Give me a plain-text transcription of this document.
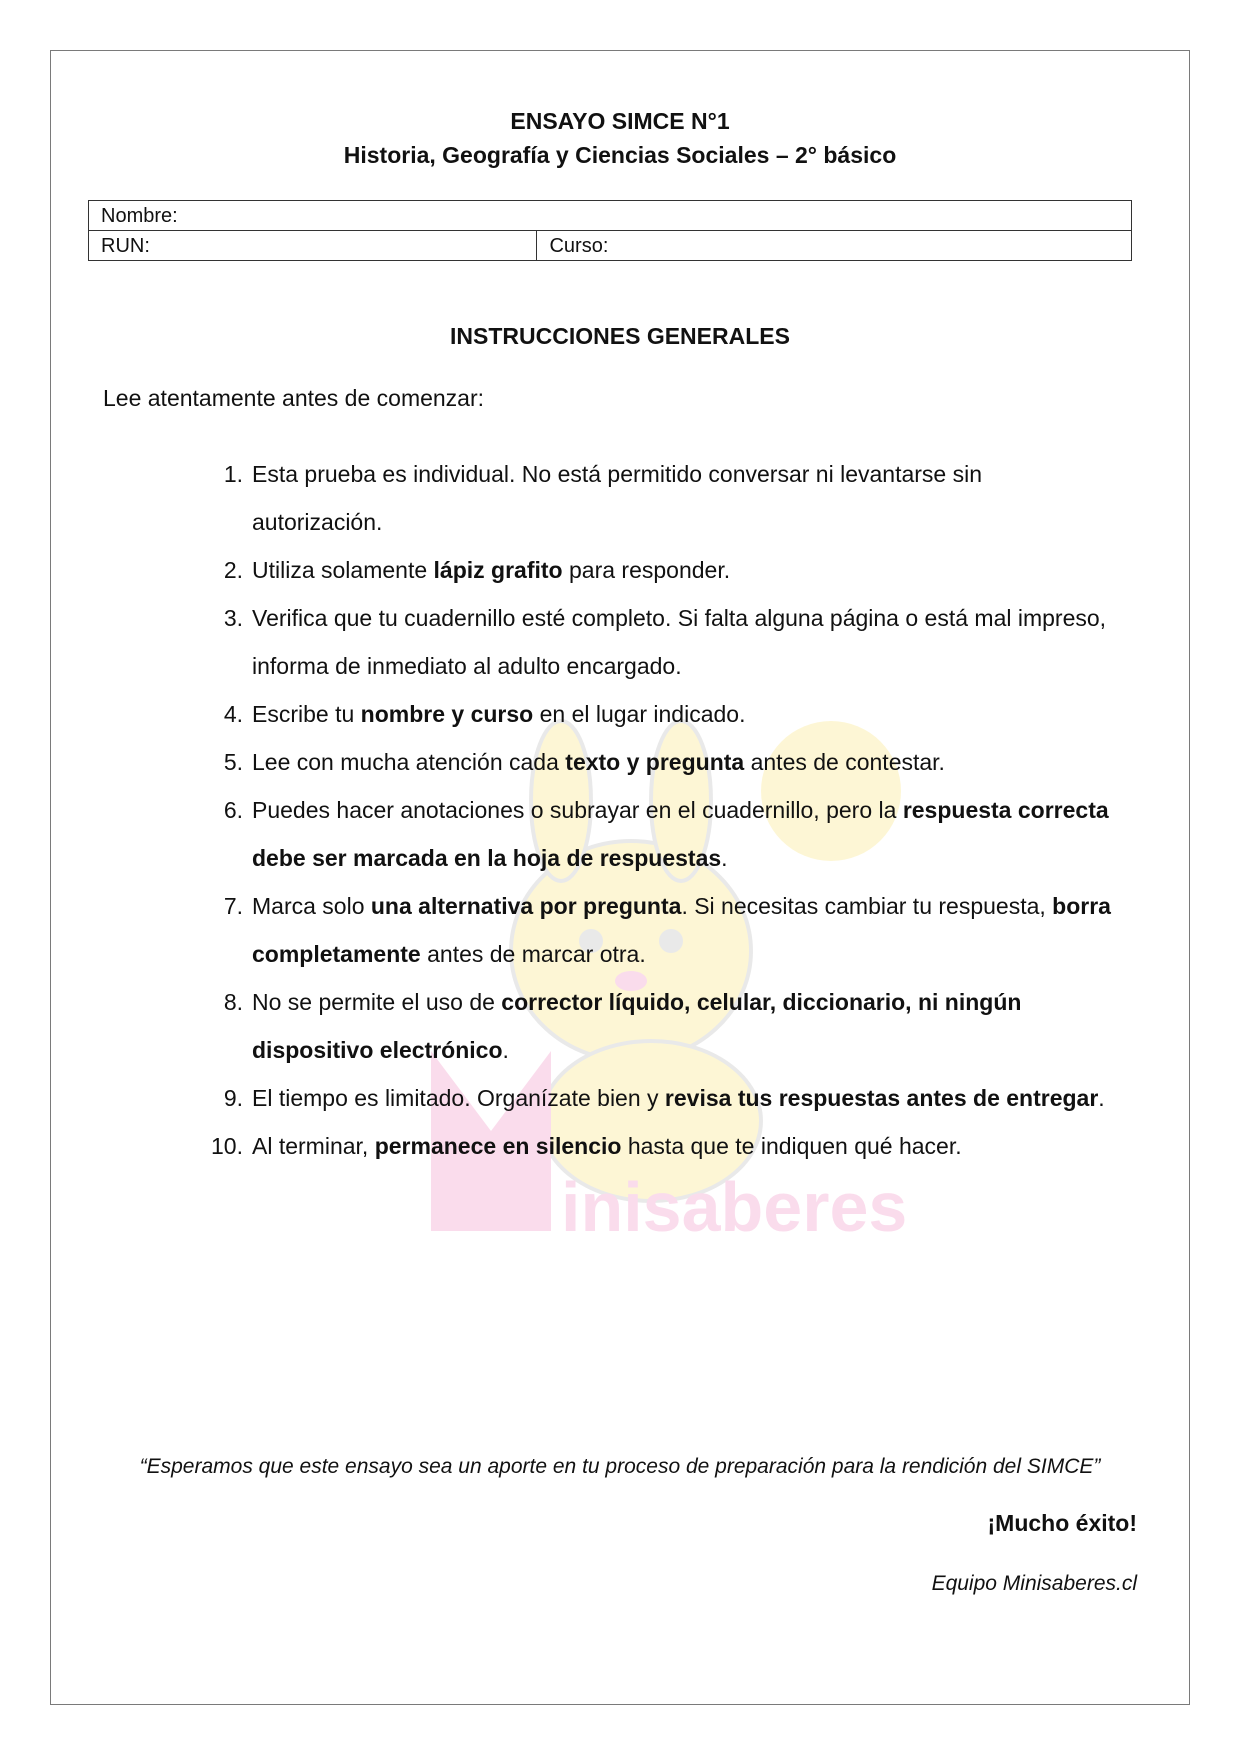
inisaberes
ENSAYO SIMCE N°1
Historia, Geografía y Ciencias Sociales – 2° básico
Nombre:
RUN:	Curso:
INSTRUCCIONES GENERALES
Lee atentamente antes de comenzar:
1. Esta prueba es individual. No está permitido conversar ni levantarse sin autorización.
2. Utiliza solamente lápiz grafito para responder.
3. Verifica que tu cuadernillo esté completo. Si falta alguna página o está mal impreso, informa de inmediato al adulto encargado.
4. Escribe tu nombre y curso en el lugar indicado.
5. Lee con mucha atención cada texto y pregunta antes de contestar.
6. Puedes hacer anotaciones o subrayar en el cuadernillo, pero la respuesta correcta debe ser marcada en la hoja de respuestas.
7. Marca solo una alternativa por pregunta. Si necesitas cambiar tu respuesta, borra completamente antes de marcar otra.
8. No se permite el uso de corrector líquido, celular, diccionario, ni ningún dispositivo electrónico.
9. El tiempo es limitado. Organízate bien y revisa tus respuestas antes de entregar.
10. Al terminar, permanece en silencio hasta que te indiquen qué hacer.
“Esperamos que este ensayo sea un aporte en tu proceso de preparación para la rendición del SIMCE”
¡Mucho éxito!
Equipo Minisaberes.cl
